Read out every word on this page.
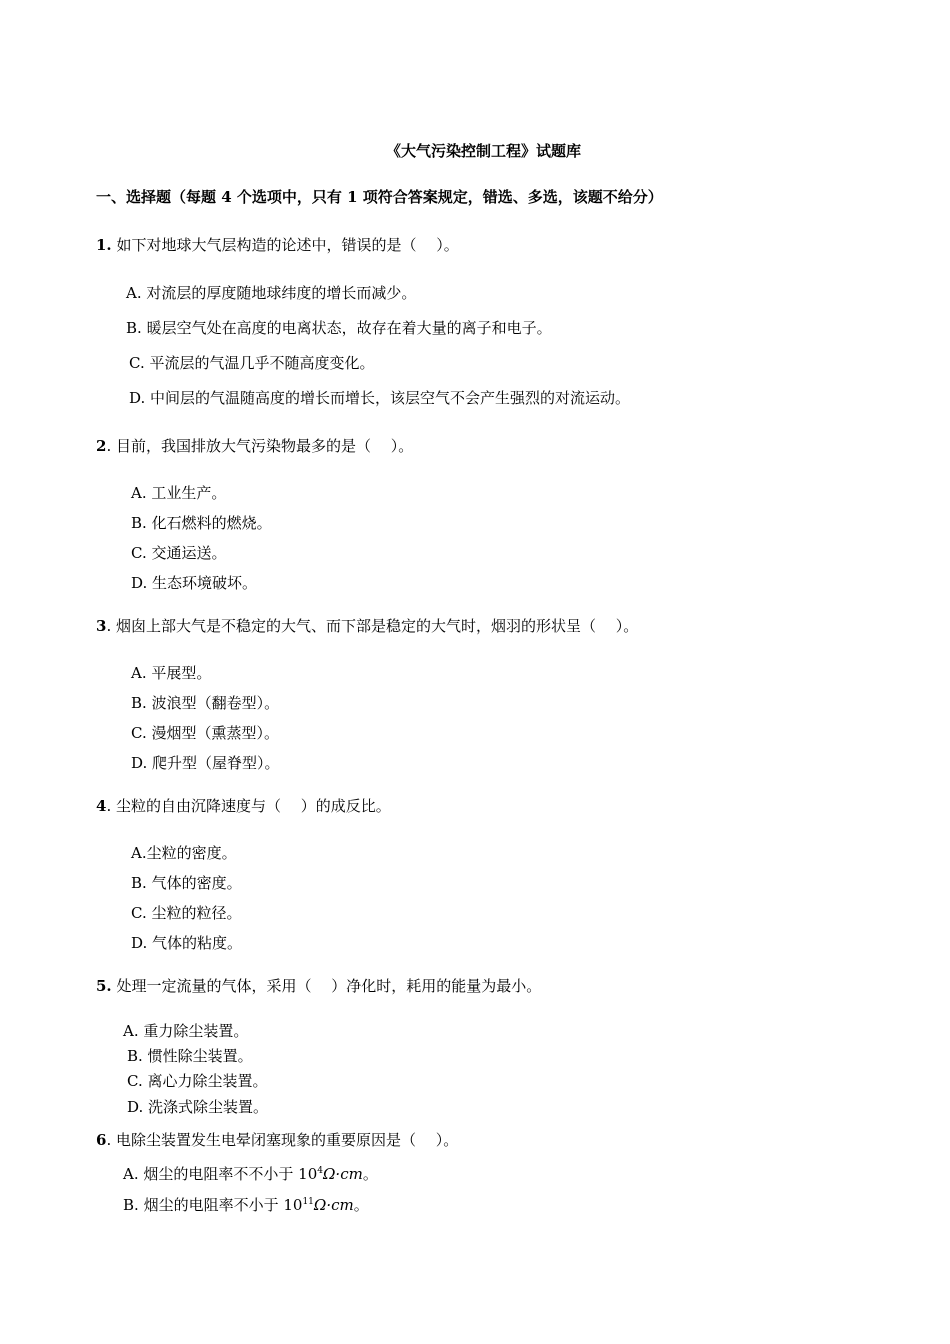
《大气污染控制工程》试题库
一、选择题（每题 4 个选项中，只有 1 项符合答案规定，错选、多选，该题不给分）
1. 如下对地球大气层构造的论述中，错误的是（　 ）。
A. 对流层的厚度随地球纬度的增长而减少。
B. 暖层空气处在高度的电离状态，故存在着大量的离子和电子。
C. 平流层的气温几乎不随高度变化。
D. 中间层的气温随高度的增长而增长，该层空气不会产生强烈的对流运动。
2. 目前，我国排放大气污染物最多的是（　 ）。
A. 工业生产。
B. 化石燃料的燃烧。
C. 交通运送。
D. 生态环境破坏。
3. 烟囱上部大气是不稳定的大气、而下部是稳定的大气时，烟羽的形状呈（　 ）。
A. 平展型。
B. 波浪型（翻卷型）。
C. 漫烟型（熏蒸型）。
D. 爬升型（屋脊型）。
4. 尘粒的自由沉降速度与（　 ）的成反比。
A.尘粒的密度。
B. 气体的密度。
C. 尘粒的粒径。
D. 气体的粘度。
5. 处理一定流量的气体，采用（　 ）净化时，耗用的能量为最小。
A. 重力除尘装置。
B. 惯性除尘装置。
C. 离心力除尘装置。
D. 洗涤式除尘装置。
6. 电除尘装置发生电晕闭塞现象的重要原因是（　 ）。
A. 烟尘的电阻率不不小于 $10^4\Omega\cdot cm$。
B. 烟尘的电阻率不小于 $10^{11}\Omega\cdot cm$。
